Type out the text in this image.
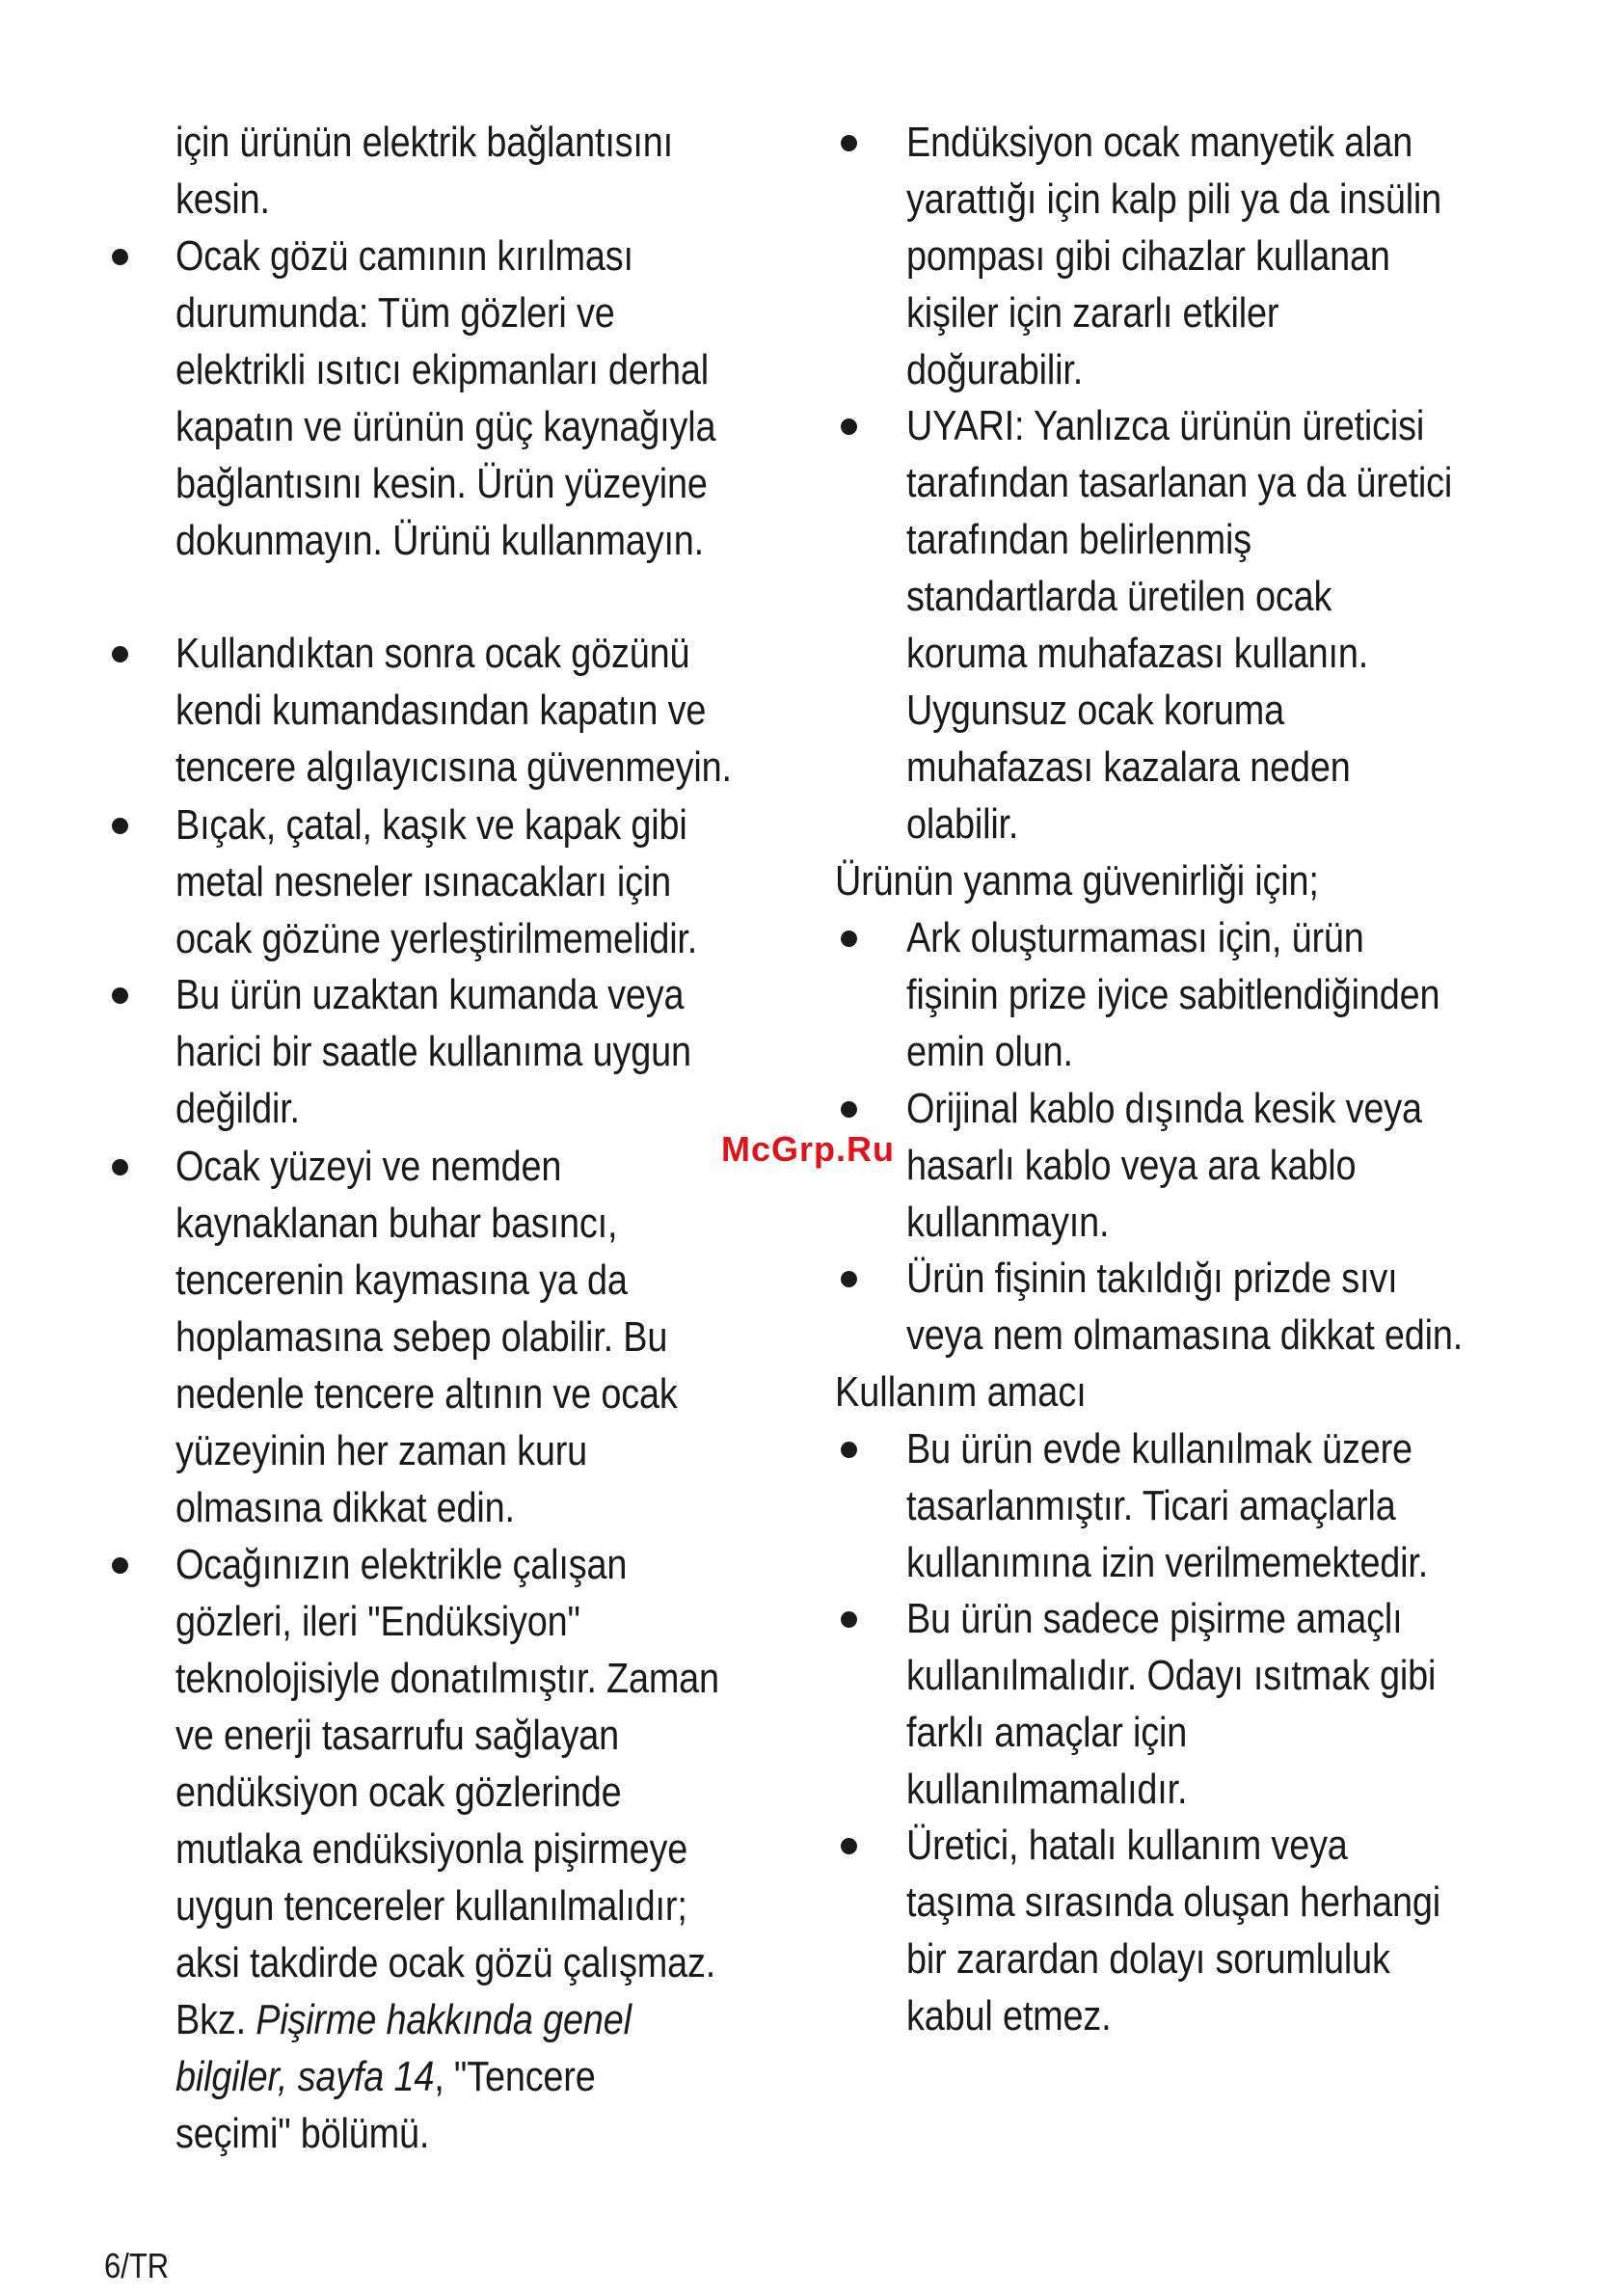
için ürünün elektrik bağlantısını
kesin.
Ocak gözü camının kırılması
durumunda: Tüm gözleri ve
elektrikli ısıtıcı ekipmanları derhal
kapatın ve ürünün güç kaynağıyla
bağlantısını kesin. Ürün yüzeyine
dokunmayın. Ürünü kullanmayın.
Kullandıktan sonra ocak gözünü
kendi kumandasından kapatın ve
tencere algılayıcısına güvenmeyin.
Bıçak, çatal, kaşık ve kapak gibi
metal nesneler ısınacakları için
ocak gözüne yerleştirilmemelidir.
Bu ürün uzaktan kumanda veya
harici bir saatle kullanıma uygun
değildir.
Ocak yüzeyi ve nemden
kaynaklanan buhar basıncı,
tencerenin kaymasına ya da
hoplamasına sebep olabilir. Bu
nedenle tencere altının ve ocak
yüzeyinin her zaman kuru
olmasına dikkat edin.
Ocağınızın elektrikle çalışan
gözleri, ileri "Endüksiyon"
teknolojisiyle donatılmıştır. Zaman
ve enerji tasarrufu sağlayan
endüksiyon ocak gözlerinde
mutlaka endüksiyonla pişirmeye
uygun tencereler kullanılmalıdır;
aksi takdirde ocak gözü çalışmaz.
Bkz. Pişirme hakkında genel
bilgiler, sayfa 14, "Tencere
seçimi" bölümü.
Endüksiyon ocak manyetik alan
yarattığı için kalp pili ya da insülin
pompası gibi cihazlar kullanan
kişiler için zararlı etkiler
doğurabilir.
UYARI: Yanlızca ürünün üreticisi
tarafından tasarlanan ya da üretici
tarafından belirlenmiş
standartlarda üretilen ocak
koruma muhafazası kullanın.
Uygunsuz ocak koruma
muhafazası kazalara neden
olabilir.
Ürünün yanma güvenirliği için;
Ark oluşturmaması için, ürün
fişinin prize iyice sabitlendiğinden
emin olun.
Orijinal kablo dışında kesik veya
hasarlı kablo veya ara kablo
kullanmayın.
Ürün fişinin takıldığı prizde sıvı
veya nem olmamasına dikkat edin.
Kullanım amacı
Bu ürün evde kullanılmak üzere
tasarlanmıştır. Ticari amaçlarla
kullanımına izin verilmemektedir.
Bu ürün sadece pişirme amaçlı
kullanılmalıdır. Odayı ısıtmak gibi
farklı amaçlar için
kullanılmamalıdır.
Üretici, hatalı kullanım veya
taşıma sırasında oluşan herhangi
bir zarardan dolayı sorumluluk
kabul etmez.
McGrp.Ru
6/TR
